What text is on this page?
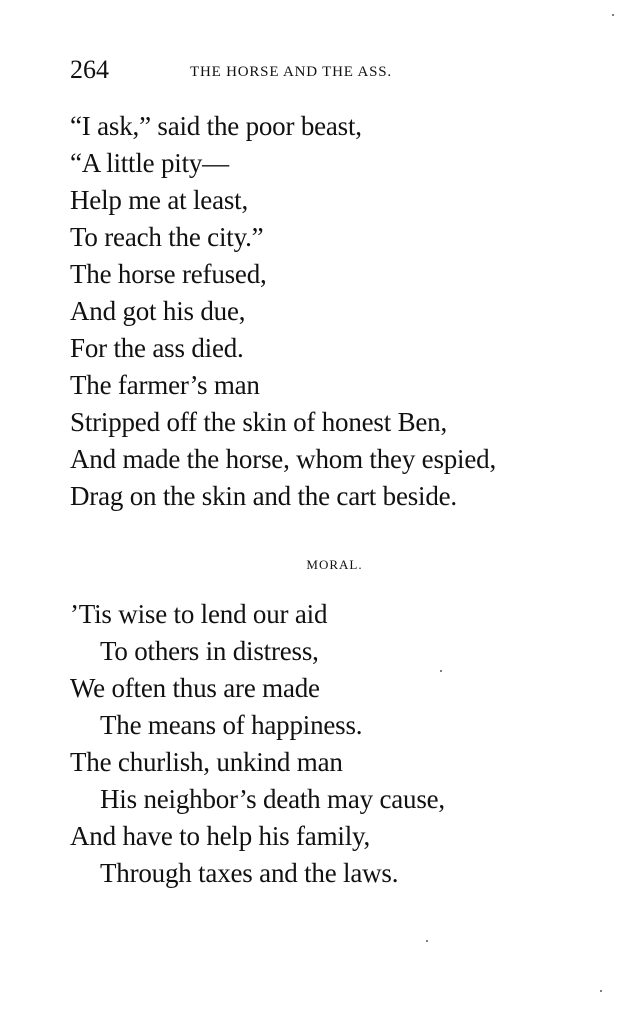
264	THE HORSE AND THE ASS.
“I ask,” said the poor beast,
“A little pity—
Help me at least,
To reach the city.”
The horse refused,
And got his due,
For the ass died.
The farmer’s man
Stripped off the skin of honest Ben,
And made the horse, whom they espied,
Drag on the skin and the cart beside.
MORAL.
’Tis wise to lend our aid
To others in distress,
We often thus are made
The means of happiness.
The churlish, unkind man
His neighbor’s death may cause,
And have to help his family,
Through taxes and the laws.
